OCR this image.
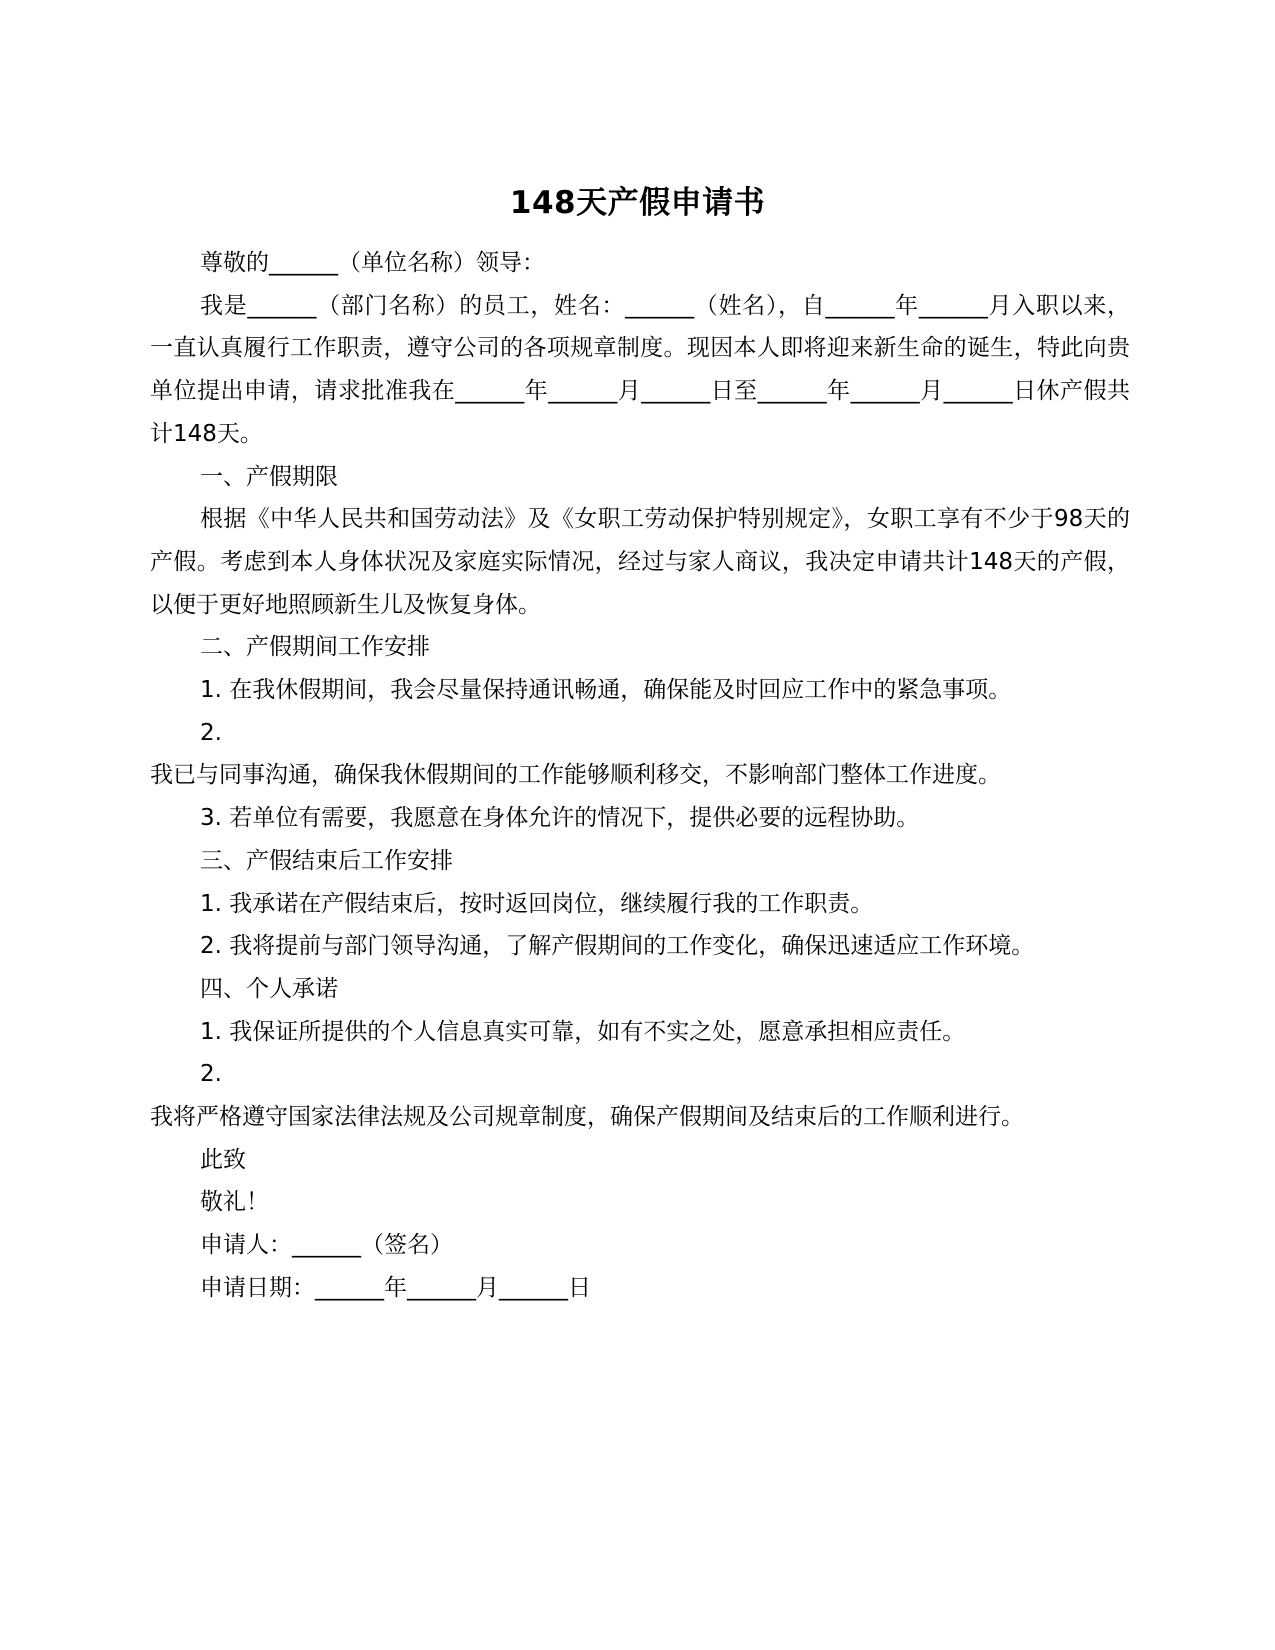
148天产假申请书

尊敬的______（单位名称）领导：

我是______（部门名称）的员工，姓名：______（姓名），自______年______月入职以来，一直认真履行工作职责，遵守公司的各项规章制度。现因本人即将迎来新生命的诞生，特此向贵单位提出申请，请求批准我在______年______月______日至______年______月______日休产假共计148天。

一、产假期限

根据《中华人民共和国劳动法》及《女职工劳动保护特别规定》，女职工享有不少于98天的产假。考虑到本人身体状况及家庭实际情况，经过与家人商议，我决定申请共计148天的产假，以便于更好地照顾新生儿及恢复身体。

二、产假期间工作安排

1. 在我休假期间，我会尽量保持通讯畅通，确保能及时回应工作中的紧急事项。

2.

我已与同事沟通，确保我休假期间的工作能够顺利移交，不影响部门整体工作进度。

3. 若单位有需要，我愿意在身体允许的情况下，提供必要的远程协助。

三、产假结束后工作安排

1. 我承诺在产假结束后，按时返回岗位，继续履行我的工作职责。

2. 我将提前与部门领导沟通，了解产假期间的工作变化，确保迅速适应工作环境。

四、个人承诺

1. 我保证所提供的个人信息真实可靠，如有不实之处，愿意承担相应责任。

2.

我将严格遵守国家法律法规及公司规章制度，确保产假期间及结束后的工作顺利进行。

此致

敬礼！

申请人：______（签名）

申请日期：______年______月______日
